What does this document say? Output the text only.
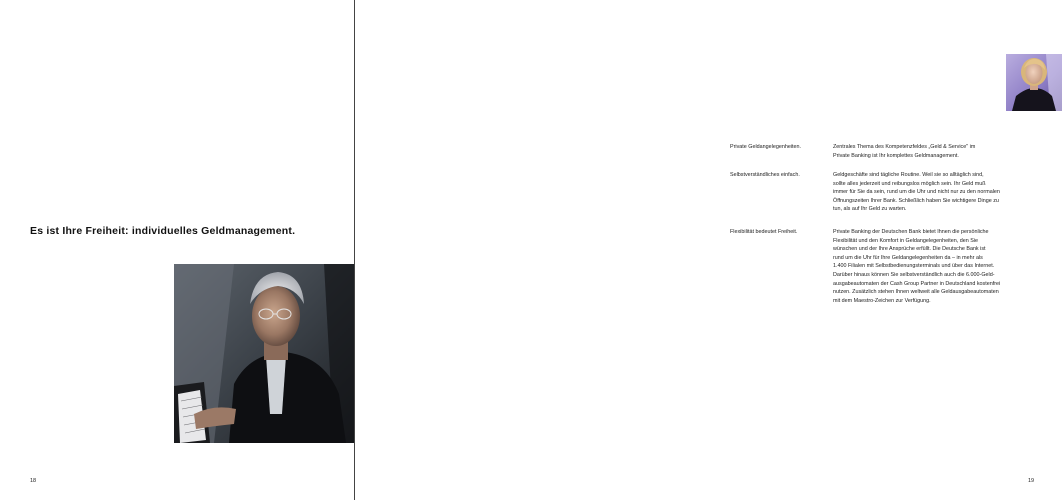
Es ist Ihre Freiheit: individuelles Geldmanagement.
18
Private Geldangelegenheiten.	Zentrales Thema des Kompetenzfeldes „Geld & Service" im
Private Banking ist Ihr komplettes Geldmanagement.
Selbstverständliches einfach.	Geldgeschäfte sind tägliche Routine. Weil sie so alltäglich sind,
sollte alles jederzeit und reibungslos möglich sein. Ihr Geld muß
immer für Sie da sein, rund um die Uhr und nicht nur zu den normalen
Öffnungszeiten Ihrer Bank. Schließlich haben Sie wichtigere Dinge zu
tun, als auf Ihr Geld zu warten.
Flexibilität bedeutet Freiheit.	Private Banking der Deutschen Bank bietet Ihnen die persönliche
Flexibilität und den Komfort in Geldangelegenheiten, den Sie
wünschen und der Ihre Ansprüche erfüllt. Die Deutsche Bank ist
rund um die Uhr für Ihre Geldangelegenheiten da – in mehr als
1.400 Filialen mit Selbstbedienungsterminals und über das Internet.
Darüber hinaus können Sie selbstverständlich auch die 6.000-Geld-
ausgabeautomaten der Cash Group Partner in Deutschland kostenfrei
nutzen. Zusätzlich stehen Ihnen weltweit alle Geldausgabeautomaten
mit dem Maestro-Zeichen zur Verfügung.
19
